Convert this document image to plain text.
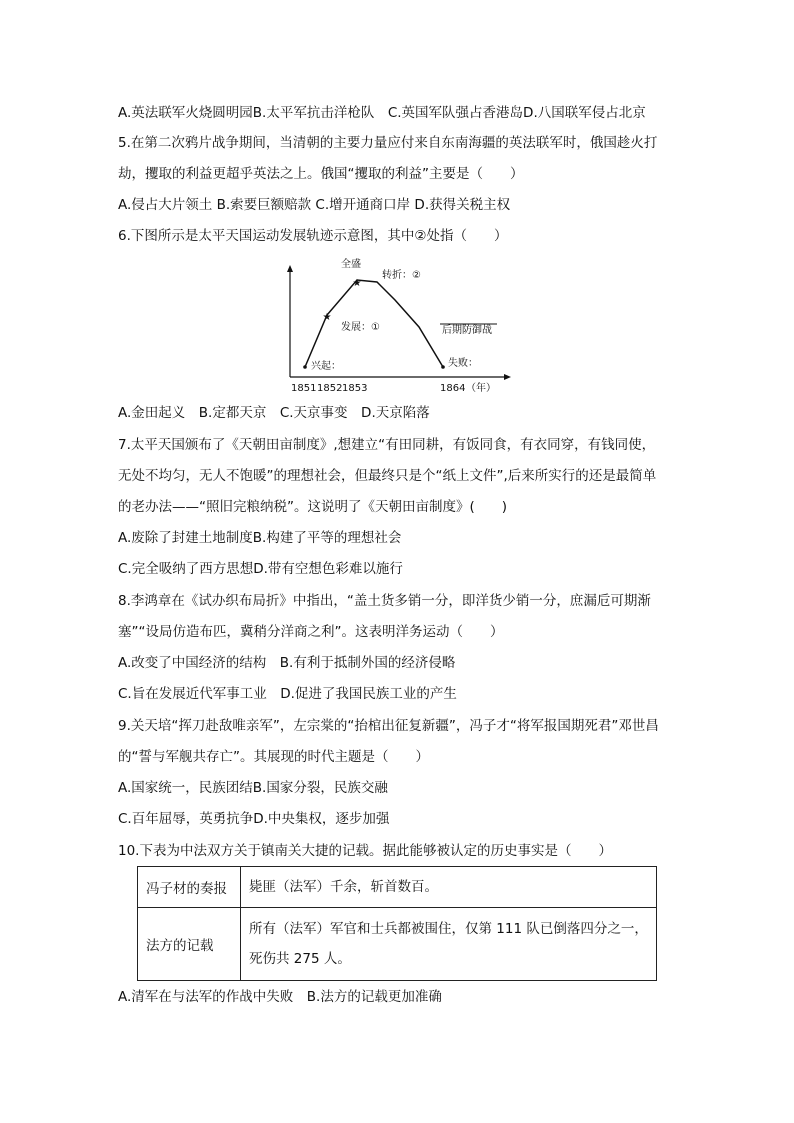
A.英法联军火烧圆明园B.太平军抗击洋枪队　C.英国军队强占香港岛D.八国联军侵占北京
5.在第二次鸦片战争期间，当清朝的主要力量应付来自东南海疆的英法联军时，俄国趁火打
劫，攫取的利益更超乎英法之上。俄国“攫取的利益”主要是（　　）
A.侵占大片领土 B.索要巨额赔款 C.增开通商口岸 D.获得关税主权
6.下图所示是太平天国运动发展轨迹示意图，其中②处指（　　）
★
★
全盛
转折：②
发展：①	后期防御战
兴起：	失败：
1851 1852 1853	1864 （年）
A.金田起义　B.定都天京　C.天京事变　D.天京陷落
7.太平天国颁布了《天朝田亩制度》,想建立“有田同耕，有饭同食，有衣同穿，有钱同使，
无处不均匀，无人不饱暖”的理想社会，但最终只是个“纸上文件”,后来所实行的还是最简单
的老办法——“照旧完粮纳税”。这说明了《天朝田亩制度》(　　)
A.废除了封建土地制度B.构建了平等的理想社会
C.完全吸纳了西方思想D.带有空想色彩难以施行
8.李鸿章在《试办织布局折》中指出，“盖土货多销一分，即洋货少销一分，庶漏卮可期渐
塞”“设局仿造布匹，冀稍分洋商之利”。这表明洋务运动（　　）
A.改变了中国经济的结构　B.有利于抵制外国的经济侵略
C.旨在发展近代军事工业　D.促进了我国民族工业的产生
9.关天培“挥刀赴敌唯亲军”，左宗棠的“抬棺出征复新疆”，冯子才“将军报国期死君”邓世昌
的“誓与军舰共存亡”。其展现的时代主题是（　　）
A.国家统一，民族团结B.国家分裂，民族交融
C.百年屈辱，英勇抗争D.中央集权，逐步加强
10.下表为中法双方关于镇南关大捷的记载。据此能够被认定的历史事实是（　　）
冯子材的奏报	毙匪（法军）千余，斩首数百。

法方的记载	所有（法军）军官和士兵都被围住，仅第 111 队已倒落四分之一，
死伤共 275 人。
A.清军在与法军的作战中失败　B.法方的记载更加准确
